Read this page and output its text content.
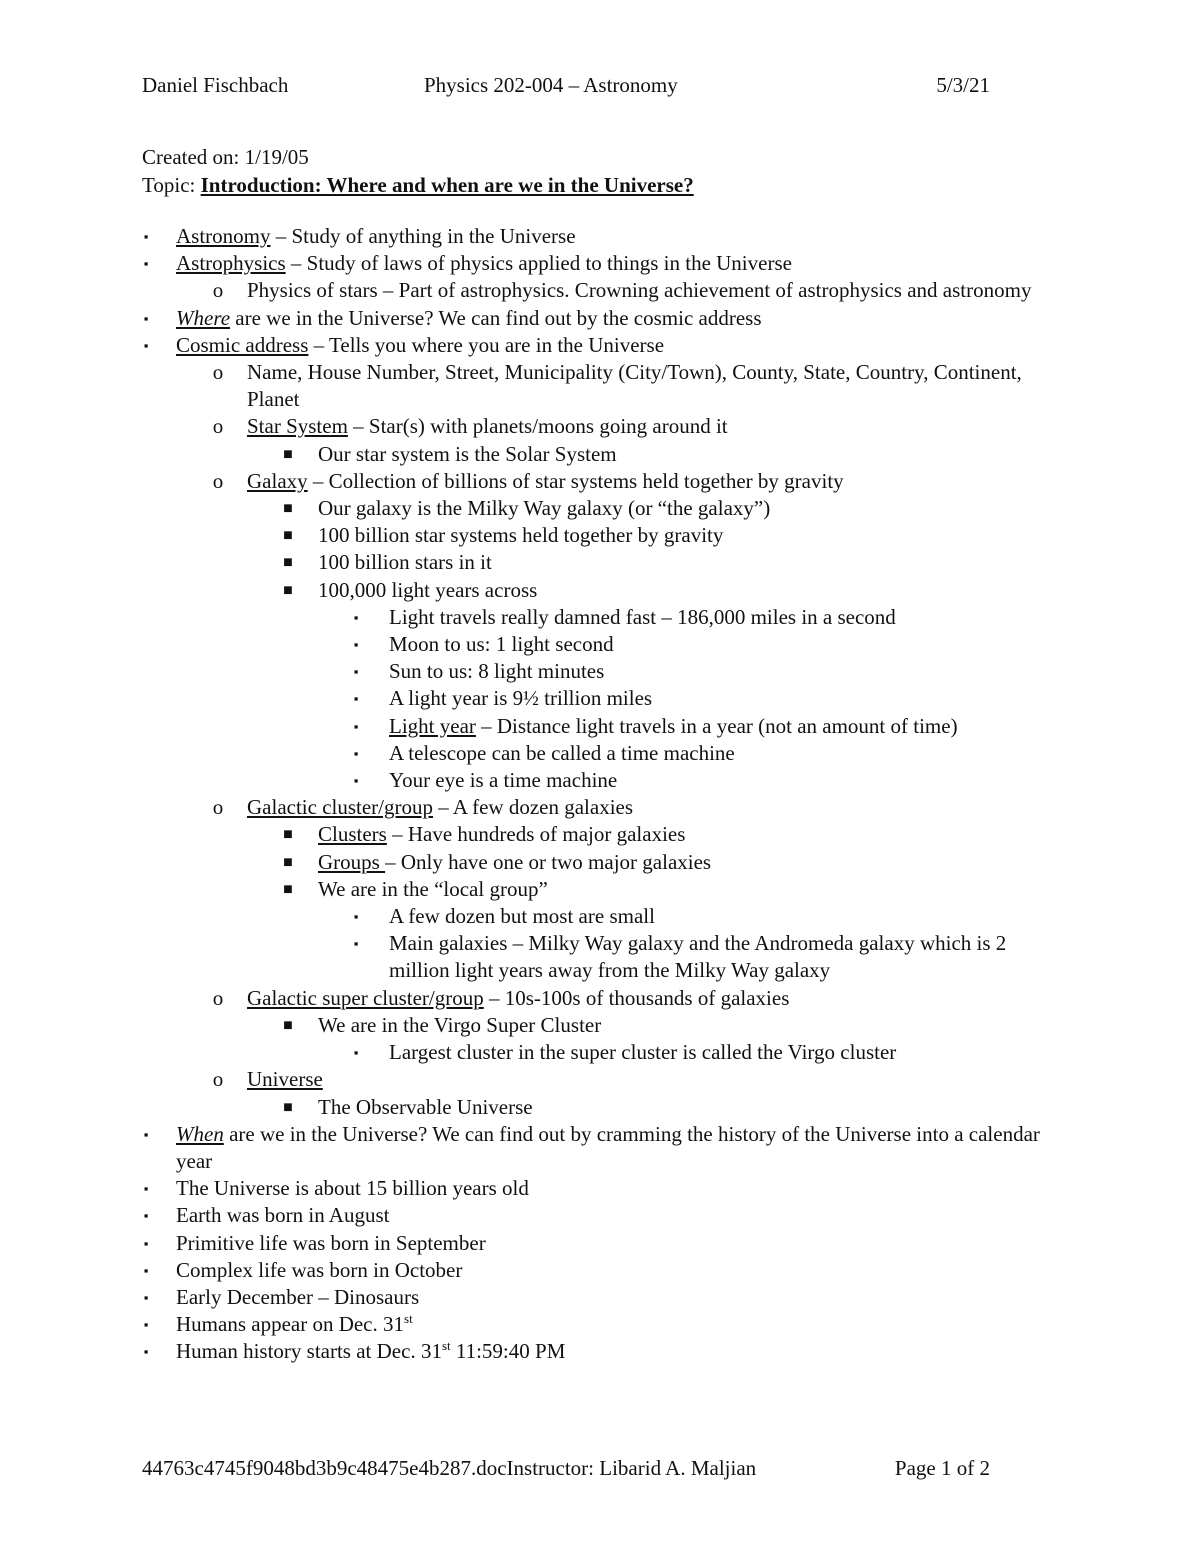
Daniel Fischbach	Physics 202-004 – Astronomy	5/3/21
Created on: 1/19/05
Topic: Introduction: Where and when are we in the Universe?
▪ Astronomy – Study of anything in the Universe
▪ Astrophysics – Study of laws of physics applied to things in the Universe
o Physics of stars – Part of astrophysics. Crowning achievement of astrophysics and astronomy
▪ Where are we in the Universe? We can find out by the cosmic address
▪ Cosmic address – Tells you where you are in the Universe
o Name, House Number, Street, Municipality (City/Town), County, State, Country, Continent, Planet
o Star System – Star(s) with planets/moons going around it
■ Our star system is the Solar System
o Galaxy – Collection of billions of star systems held together by gravity
■ Our galaxy is the Milky Way galaxy (or “the galaxy”)
■ 100 billion star systems held together by gravity
■ 100 billion stars in it
■ 100,000 light years across
▪ Light travels really damned fast – 186,000 miles in a second
▪ Moon to us: 1 light second
▪ Sun to us: 8 light minutes
▪ A light year is 9½ trillion miles
▪ Light year – Distance light travels in a year (not an amount of time)
▪ A telescope can be called a time machine
▪ Your eye is a time machine
o Galactic cluster/group – A few dozen galaxies
■ Clusters – Have hundreds of major galaxies
■ Groups – Only have one or two major galaxies
■ We are in the “local group”
▪ A few dozen but most are small
▪ Main galaxies – Milky Way galaxy and the Andromeda galaxy which is 2 million light years away from the Milky Way galaxy
o Galactic super cluster/group – 10s-100s of thousands of galaxies
■ We are in the Virgo Super Cluster
▪ Largest cluster in the super cluster is called the Virgo cluster
o Universe
■ The Observable Universe
▪ When are we in the Universe? We can find out by cramming the history of the Universe into a calendar year
▪ The Universe is about 15 billion years old
▪ Earth was born in August
▪ Primitive life was born in September
▪ Complex life was born in October
▪ Early December – Dinosaurs
▪ Humans appear on Dec. 31st
▪ Human history starts at Dec. 31st 11:59:40 PM
44763c4745f9048bd3b9c48475e4b287.docInstructor: Libarid A. Maljian	Page 1 of 2
